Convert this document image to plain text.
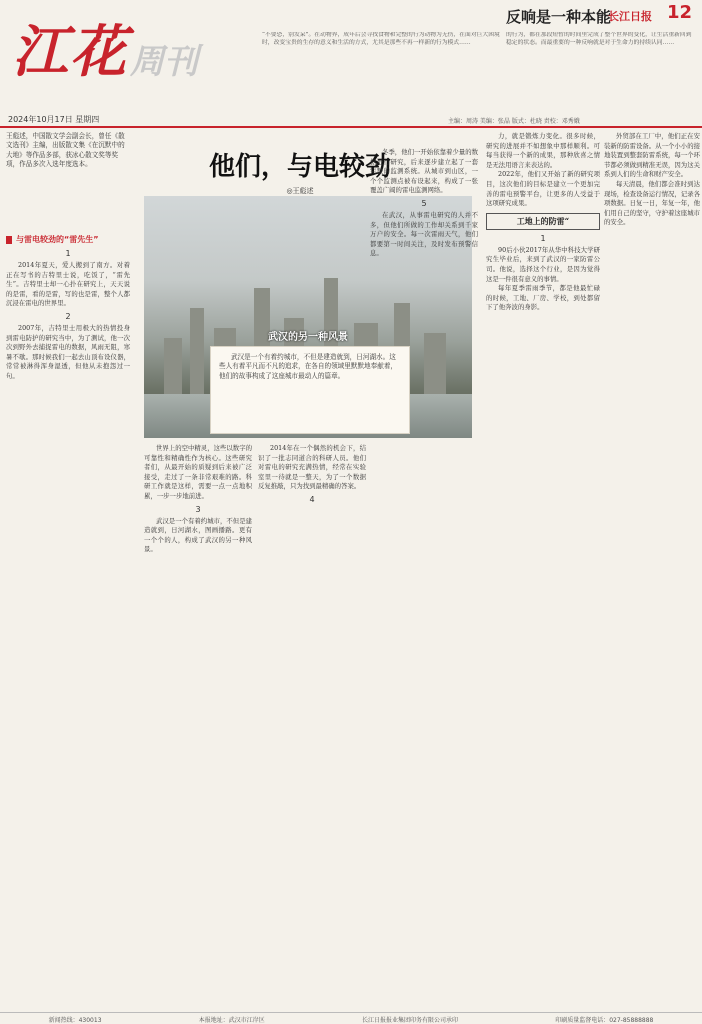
江花 周刊
2024年10月17日 星期四
反响是一种本能
长江日报 12
“不要恐，别发呆”。在动物界，成年后会寻找食物和完整的行为动物为无伤，在面对巨大困境时，改变宝贵的生存的意义和生活的方式，尤其是那些不再一样新的行为模式……
的行为，都在那段短暂的时间里完成了整个世界的变化，让生活重新回到稳定的状态。而最重要的一种反响就是对于生命力的持续认同……
主编：周涛 美编：张晶 版式：杜晓 责校：邓秀娥
王彪述，中国散文学会副会长，曾任《散文选刊》主编，出版散文集《在沉默中的大地》等作品多部，获冰心散文奖等奖项，作品多次入选年度选本。
与雷电较劲的“雷先生”
1

2014年夏天，爱人搬到了南方。对着正在写书的吉特里士说，吃饭了，“雷先生”。吉特里士却一心扑在研究上，天天说的是雷，看的是雷，写的也是雷，整个人都沉浸在雷电的世界里。

2

2007年，吉特里士用极大的热情投身到雷电防护的研究当中，为了测试，他一次次到野外去捕捉雷电的数据，风雨无阻，寒暑不歇。那时候我们一起去山顶布设仪器，常常被淋得浑身湿透，但他从未抱怨过一句。

他们，与电较劲
◎王彪述
武汉的另一种风景
武汉是一个有着约城市，不但是建造就到，日河湖水。这些人有着平凡而不凡的追求，在各自的领域里默默地奉献着，他们的故事构成了这座城市最动人的篇章。

世界上的空中精灵，这些以数字的可靠性和精确性作为核心。这些研究者们，从最开始的质疑到后来被广泛接受，走过了一条非常艰难的路。科研工作就是这样，需要一点一点地积累，一步一步地前进。

3

武汉是一个有着约城市，不但是建造就到，日河湖水，图画播路。更有一个个的人，构成了武汉的另一种风景。

2014年在一个偶然的机会下，结识了一批志同道合的科研人员。他们对雷电的研究充满热情，经常在实验室里一待就是一整天，为了一个数据反复推敲，只为找到最精确的答案。

4

冬季，他们一开始依靠着少量的数据进行研究，后来逐步建立起了一套完整的监测系统。从城市到山区，一个个监测点被布设起来，构成了一张覆盖广阔的雷电监测网络。

5

在武汉，从事雷电研究的人并不多，但他们所做的工作却关系到千家万户的安全。每一次雷雨天气，他们都要第一时间关注，及时发布预警信息。

力，就是锻炼力变化。很多时候，研究的进展并不如想象中那样顺利。可每当获得一个新的成果，那种欣喜之情是无法用语言来表达的。

2022年，他们又开始了新的研究项目，这次他们的目标是建立一个更加完善的雷电预警平台，让更多的人受益于这项研究成果。

工地上的防雷“
1

90后小伙2017年从华中科技大学研究生毕业后，来到了武汉的一家防雷公司。他说，选择这个行业，是因为觉得这是一件很有意义的事情。

每年夏季雷雨季节，都是他最忙碌的时候，工地、厂房、学校，到处都留下了他奔波的身影。

外贸部在工厂中，他们正在安装新的防雷设备。从一个小小的接地装置到整套防雷系统，每一个环节都必须做到精准无误，因为这关系到人们的生命和财产安全。

每天清晨，他们都会准时到达现场，检查设备运行情况，记录各项数据。日复一日，年复一年，他们用自己的坚守，守护着这座城市的安全。

新闻热线：430013	本报地址：武汉市江岸区	长江日报报业集团印务有限公司承印	印刷质量监督电话：027-85888888
